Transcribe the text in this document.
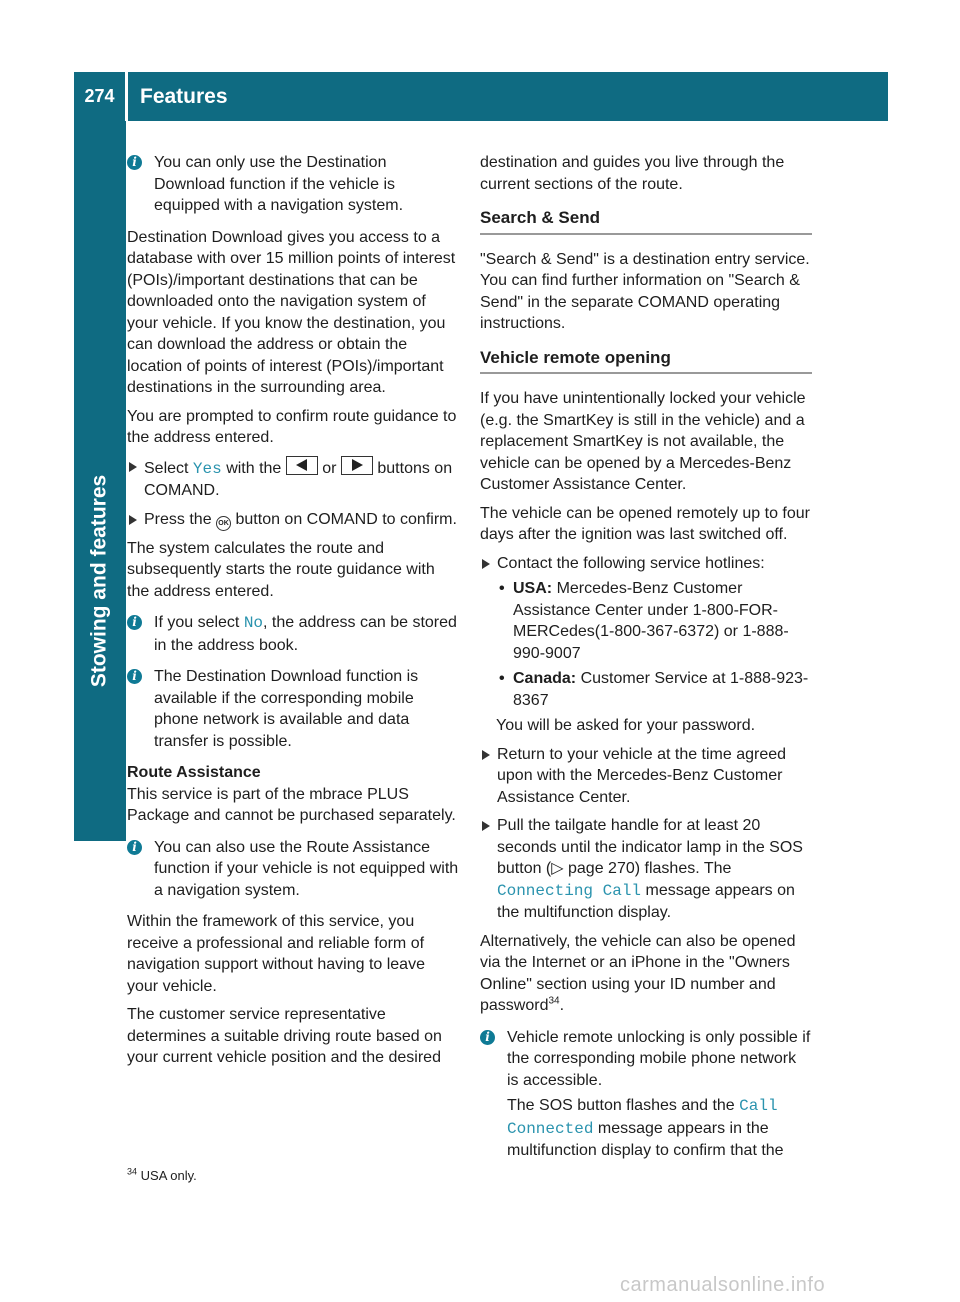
274	Features
Stowing and features
i	You can only use the Destination Download function if the vehicle is equipped with a navigation system.

Destination Download gives you access to a database with over 15 million points of interest (POIs)/important destinations that can be downloaded onto the navigation system of your vehicle. If you know the destination, you can download the address or obtain the location of points of interest (POIs)/important destinations in the surrounding area.

You are prompted to confirm route guidance to the address entered.

Select Yes with the	or	buttons on COMAND.
Press the OK button on COMAND to confirm.

The system calculates the route and subsequently starts the route guidance with the address entered.

i	If you select No, the address can be stored in the address book.
i	The Destination Download function is available if the corresponding mobile phone network is available and data transfer is possible.
Route Assistance

This service is part of the mbrace PLUS Package and cannot be purchased separately.

i	You can also use the Route Assistance function if your vehicle is not equipped with a navigation system.

Within the framework of this service, you receive a professional and reliable form of navigation support without having to leave your vehicle.

The customer service representative determines a suitable driving route based on your current vehicle position and the desired

destination and guides you live through the current sections of the route.

Search & Send

"Search & Send" is a destination entry service. You can find further information on "Search & Send" in the separate COMAND operating instructions.

Vehicle remote opening

If you have unintentionally locked your vehicle (e.g. the SmartKey is still in the vehicle) and a replacement SmartKey is not available, the vehicle can be opened by a Mercedes-Benz Customer Assistance Center.

The vehicle can be opened remotely up to four days after the ignition was last switched off.

Contact the following service hotlines:
• USA: Mercedes-Benz Customer Assistance Center under 1-800-FOR-MERCedes(1-800-367-6372) or 1-888-990-9007
• Canada: Customer Service at 1-888-923-8367
You will be asked for your password.
Return to your vehicle at the time agreed upon with the Mercedes-Benz Customer Assistance Center.
Pull the tailgate handle for at least 20 seconds until the indicator lamp in the SOS button (▷ page 270) flashes. The Connecting Call message appears on the multifunction display.

Alternatively, the vehicle can also be opened via the Internet or an iPhone in the "Owners Online" section using your ID number and password$^{34}$.

i	Vehicle remote unlocking is only possible if the corresponding mobile phone network is accessible.
The SOS button flashes and the Call Connected message appears in the multifunction display to confirm that the
$^{34}$ USA only.
carmanualsonline.info
